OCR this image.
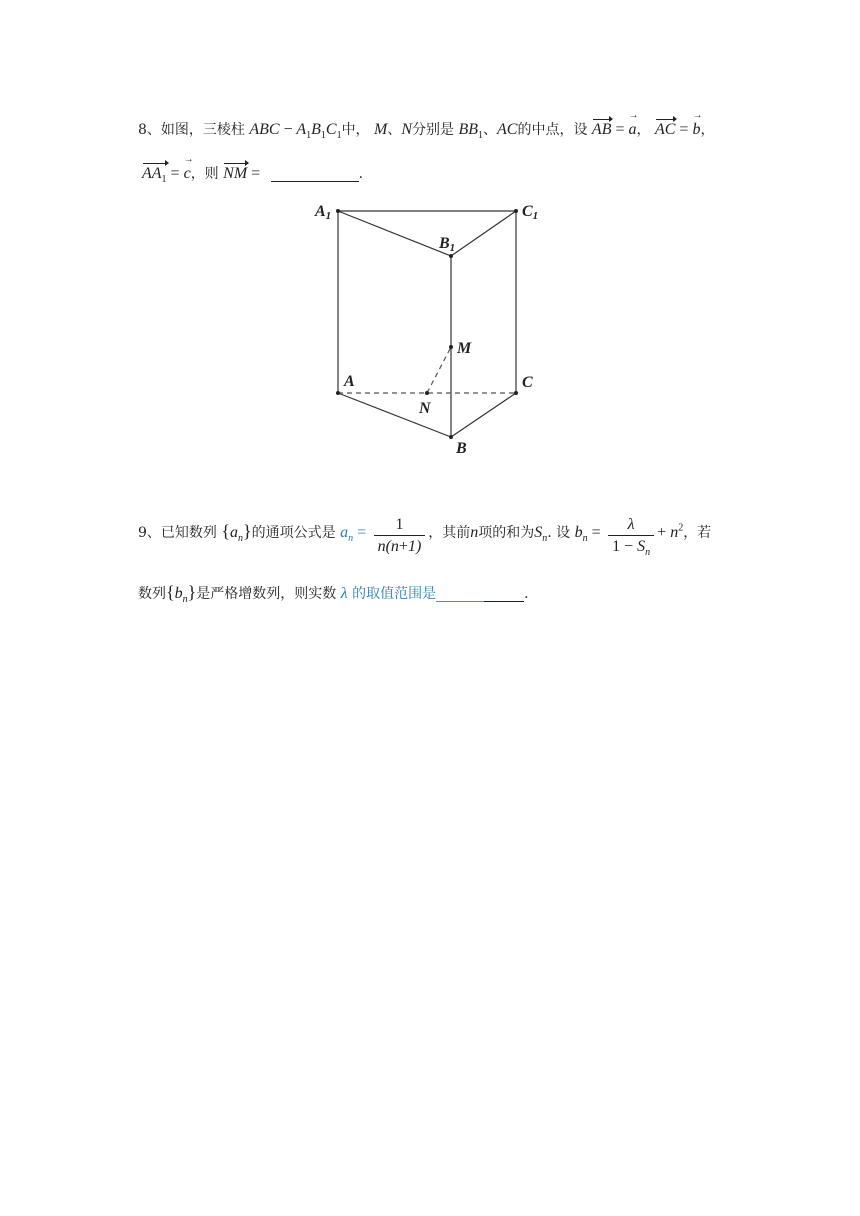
8、如图，三棱柱 ABC − $A_1B_1C_1$中， M、N分别是 $BB_1$、AC的中点，设 AB = a →， AC = b →，
$AA_1 = c$ →，则 NM =	.
A1	C1
B1
M
A	C
N
B
9、已知数列 $\{a_n\}$的通项公式是 $a_n = \frac{1}{n(n+1)}$ ，其前n项的和为$S_n$. 设 $b_n = \frac{\lambda}{1 - S_n} + n^2$，若
数列$\{b_n\}$是严格增数列，则实数 λ 的取值范围是	.
